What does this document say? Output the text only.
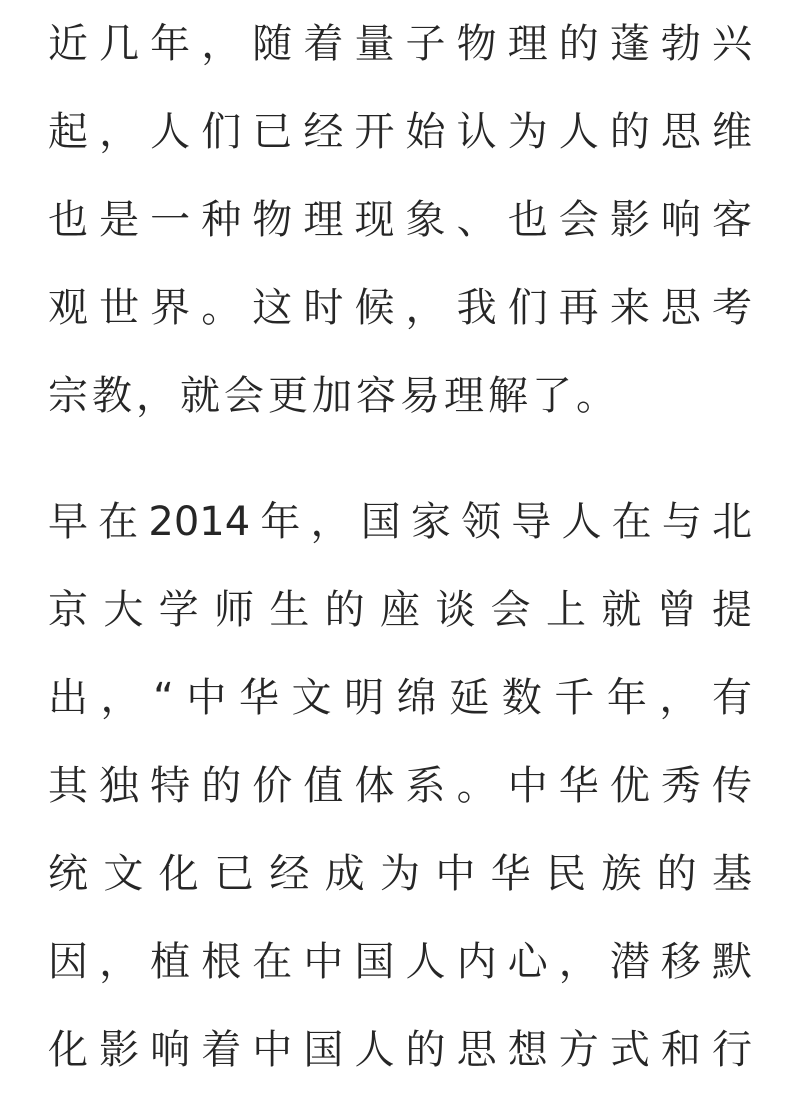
近几年，随着量子物理的蓬勃兴
起，人们已经开始认为人的思维
也是一种物理现象、也会影响客
观世界。这时候，我们再来思考
宗教，就会更加容易理解了。
早在2014年，国家领导人在与北
京大学师生的座谈会上就曾提
出，“中华文明绵延数千年，有
其独特的价值体系。中华优秀传
统文化已经成为中华民族的基
因，植根在中国人内心，潜移默
化影响着中国人的思想方式和行
